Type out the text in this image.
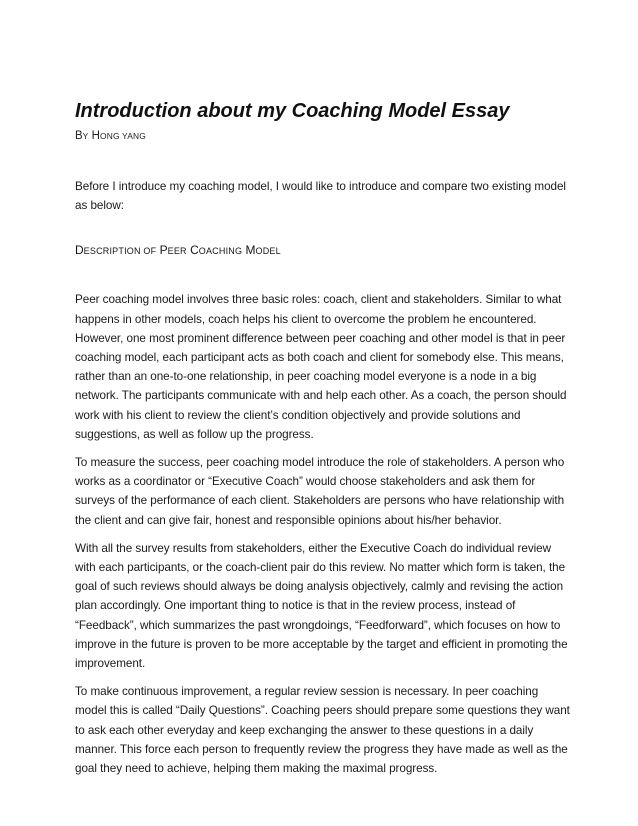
Introduction about my Coaching Model Essay
BY HONG YANG

Before I introduce my coaching model, I would like to introduce and compare two existing model as below:

DESCRIPTION OF PEER COACHING MODEL

Peer coaching model involves three basic roles: coach, client and stakeholders. Similar to what happens in other models, coach helps his client to overcome the problem he encountered. However, one most prominent difference between peer coaching and other model is that in peer coaching model, each participant acts as both coach and client for somebody else. This means, rather than an one-to-one relationship, in peer coaching model everyone is a node in a big network. The participants communicate with and help each other. As a coach, the person should work with his client to review the client’s condition objectively and provide solutions and suggestions, as well as follow up the progress.

To measure the success, peer coaching model introduce the role of stakeholders. A person who works as a coordinator or “Executive Coach” would choose stakeholders and ask them for surveys of the performance of each client. Stakeholders are persons who have relationship with the client and can give fair, honest and responsible opinions about his/her behavior.

With all the survey results from stakeholders, either the Executive Coach do individual review with each participants, or the coach-client pair do this review. No matter which form is taken, the goal of such reviews should always be doing analysis objectively, calmly and revising the action plan accordingly. One important thing to notice is that in the review process, instead of “Feedback”, which summarizes the past wrongdoings, “Feedforward”, which focuses on how to improve in the future is proven to be more acceptable by the target and efficient in promoting the improvement.

To make continuous improvement, a regular review session is necessary. In peer coaching model this is called “Daily Questions”. Coaching peers should prepare some questions they want to ask each other everyday and keep exchanging the answer to these questions in a daily manner. This force each person to frequently review the progress they have made as well as the goal they need to achieve, helping them making the maximal progress.
